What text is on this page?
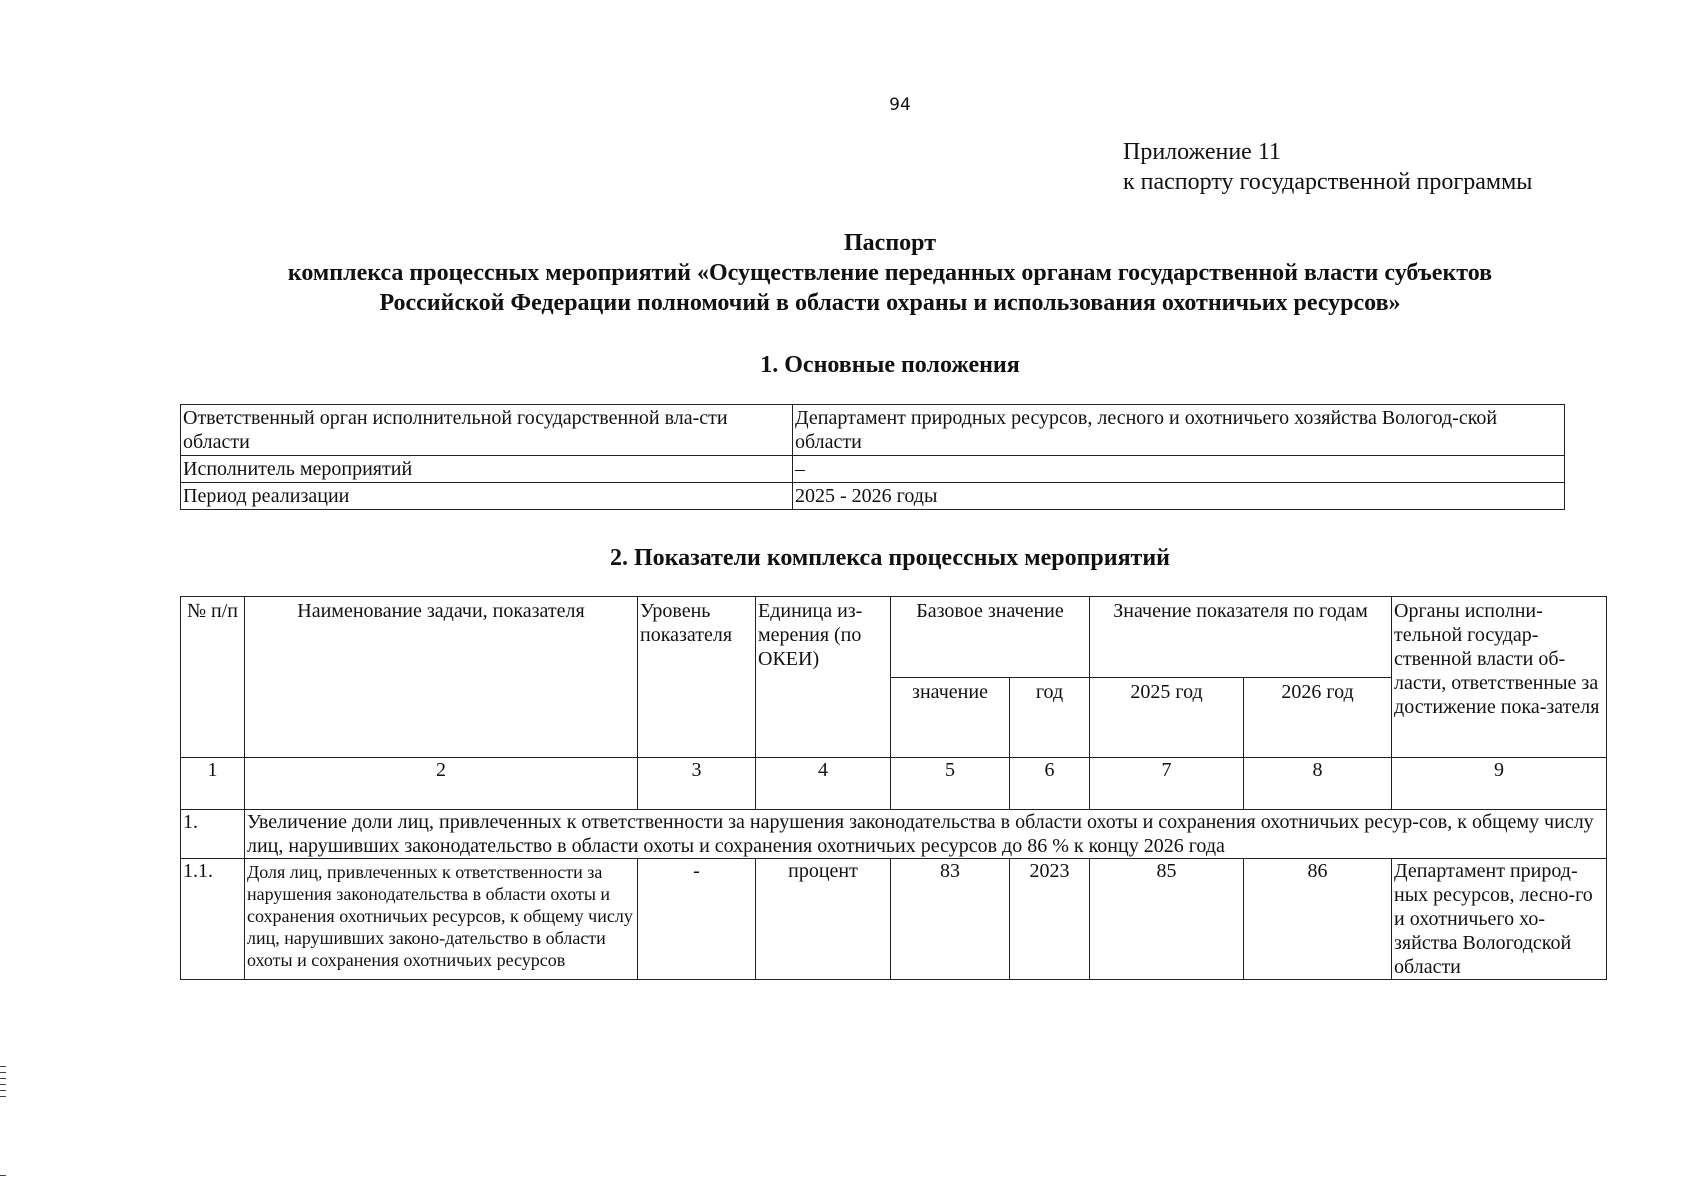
94
Приложение 11
к паспорту государственной программы
Паспорт
комплекса процессных мероприятий «Осуществление переданных органам государственной власти субъектов
Российской Федерации полномочий в области охраны и использования охотничьих ресурсов»
1. Основные положения
Ответственный орган исполнительной государственной вла-сти области	Департамент природных ресурсов, лесного и охотничьего хозяйства Вологод-ской области
Исполнитель мероприятий	–
Период реализации	2025 - 2026 годы
2. Показатели комплекса процессных мероприятий
№ п/п	Наименование задачи, показателя	Уровень показателя	Единица из-мерения (по ОКЕИ)	Базовое значение		Значение показателя по годам		Органы исполни-тельной государ-ственной власти об-ласти, ответственные за достижение пока-зателя
				значение	год	2025 год	2026 год	
1	2	3	4	5	6	7	8	9
1.	Увеличение доли лиц, привлеченных к ответственности за нарушения законодательства в области охоты и сохранения охотничьих ресур-сов, к общему числу лиц, нарушивших законодательство в области охоты и сохранения охотничьих ресурсов до 86 % к концу 2026 года							
1.1.	Доля лиц, привлеченных к ответственности за нарушения законодательства в области охоты и сохранения охотничьих ресурсов, к общему числу лиц, нарушивших законо-дательство в области охоты и сохранения охотничьих ресурсов	-	процент	83	2023	85	86	Департамент природ-ных ресурсов, лесно-го и охотничьего хо-зяйства Вологодской области
